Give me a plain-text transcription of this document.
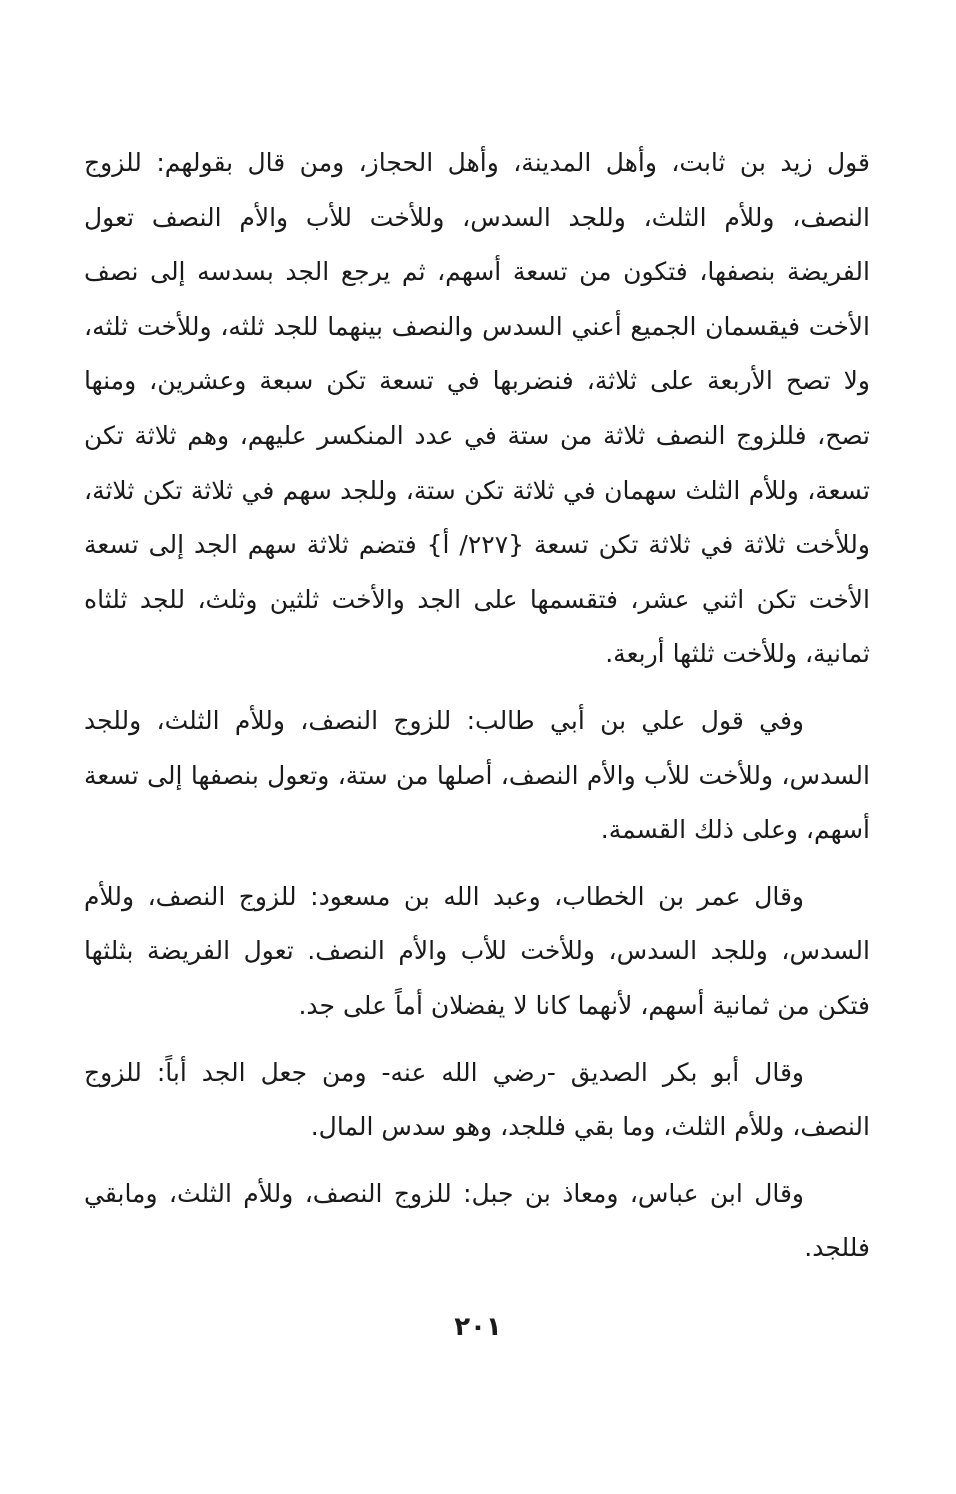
قول زيد بن ثابت، وأهل المدينة، وأهل الحجاز، ومن قال بقولهم: للزوج النصف، وللأم الثلث، وللجد السدس، وللأخت للأب والأم النصف تعول الفريضة بنصفها، فتكون من تسعة أسهم، ثم يرجع الجد بسدسه إلى نصف الأخت فيقسمان الجميع أعني السدس والنصف بينهما للجد ثلثه، وللأخت ثلثه، ولا تصح الأربعة على ثلاثة، فنضربها في تسعة تكن سبعة وعشرين، ومنها تصح، فللزوج النصف ثلاثة من ستة في عدد المنكسر عليهم، وهم ثلاثة تكن تسعة، وللأم الثلث سهمان في ثلاثة تكن ستة، وللجد سهم في ثلاثة تكن ثلاثة، وللأخت ثلاثة في ثلاثة تكن تسعة {٢٢٧/ أ} فتضم ثلاثة سهم الجد إلى تسعة الأخت تكن اثني عشر، فتقسمها على الجد والأخت ثلثين وثلث، للجد ثلثاه ثمانية، وللأخت ثلثها أربعة.

وفي قول علي بن أبي طالب: للزوج النصف، وللأم الثلث، وللجد السدس، وللأخت للأب والأم النصف، أصلها من ستة، وتعول بنصفها إلى تسعة أسهم، وعلى ذلك القسمة.

وقال عمر بن الخطاب، وعبد الله بن مسعود: للزوج النصف، وللأم السدس، وللجد السدس، وللأخت للأب والأم النصف. تعول الفريضة بثلثها فتكن من ثمانية أسهم، لأنهما كانا لا يفضلان أماً على جد.

وقال أبو بكر الصديق -رضي الله عنه- ومن جعل الجد أباً: للزوج النصف، وللأم الثلث، وما بقي فللجد، وهو سدس المال.

وقال ابن عباس، ومعاذ بن جبل: للزوج النصف، وللأم الثلث، ومابقي فللجد.

٢٠١
